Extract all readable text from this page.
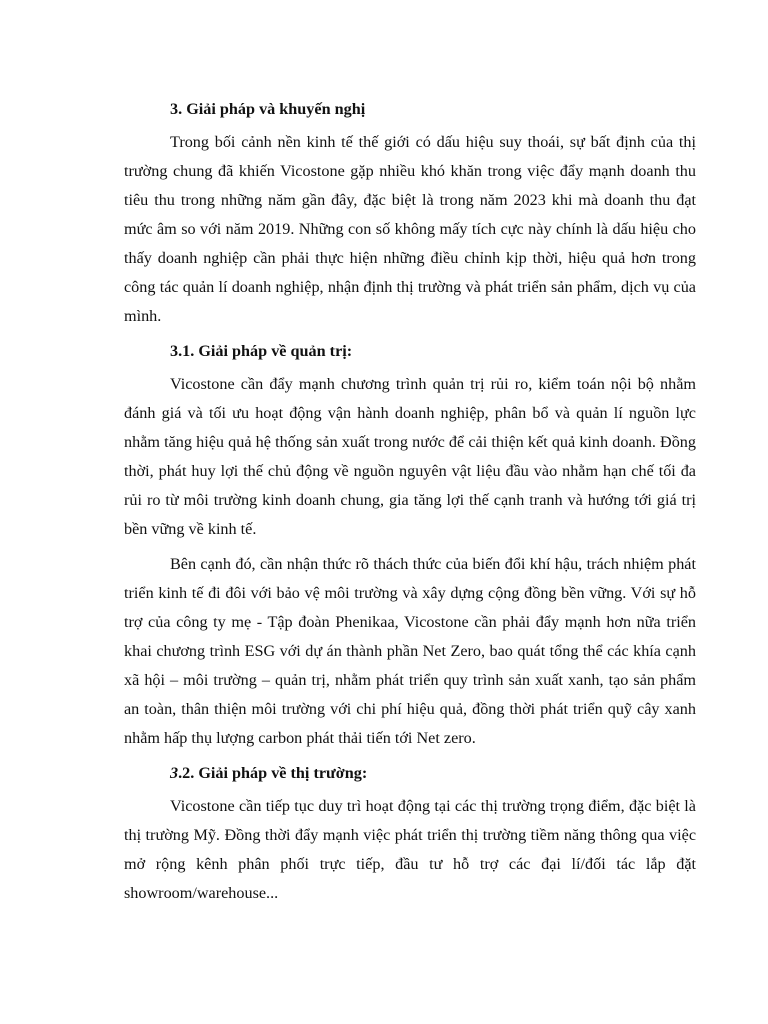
3. Giải pháp và khuyến nghị

Trong bối cảnh nền kinh tế thế giới có dấu hiệu suy thoái, sự bất định của thị trường chung đã khiến Vicostone gặp nhiều khó khăn trong việc đẩy mạnh doanh thu tiêu thu trong những năm gần đây, đặc biệt là trong năm 2023 khi mà doanh thu đạt mức âm so với năm 2019. Những con số không mấy tích cực này chính là dấu hiệu cho thấy doanh nghiệp cần phải thực hiện những điều chỉnh kịp thời, hiệu quả hơn trong công tác quản lí doanh nghiệp, nhận định thị trường và phát triển sản phẩm, dịch vụ của mình.

3.1. Giải pháp về quản trị:

Vicostone cần đẩy mạnh chương trình quản trị rủi ro, kiểm toán nội bộ nhằm đánh giá và tối ưu hoạt động vận hành doanh nghiệp, phân bổ và quản lí nguồn lực nhằm tăng hiệu quả hệ thống sản xuất trong nước để cải thiện kết quả kinh doanh. Đồng thời, phát huy lợi thế chủ động về nguồn nguyên vật liệu đầu vào nhằm hạn chế tối đa rủi ro từ môi trường kinh doanh chung, gia tăng lợi thế cạnh tranh và hướng tới giá trị bền vững về kinh tế.

Bên cạnh đó, cần nhận thức rõ thách thức của biến đổi khí hậu, trách nhiệm phát triển kinh tế đi đôi với bảo vệ môi trường và xây dựng cộng đồng bền vững. Với sự hỗ trợ của công ty mẹ - Tập đoàn Phenikaa, Vicostone cần phải đẩy mạnh hơn nữa triển khai chương trình ESG với dự án thành phần Net Zero, bao quát tổng thể các khía cạnh xã hội – môi trường – quản trị, nhằm phát triển quy trình sản xuất xanh, tạo sản phẩm an toàn, thân thiện môi trường với chi phí hiệu quả, đồng thời phát triển quỹ cây xanh nhằm hấp thụ lượng carbon phát thải tiến tới Net zero.

3.2. Giải pháp về thị trường:

Vicostone cần tiếp tục duy trì hoạt động tại các thị trường trọng điểm, đặc biệt là thị trường Mỹ. Đồng thời đẩy mạnh việc phát triển thị trường tiềm năng thông qua việc mở rộng kênh phân phối trực tiếp, đầu tư hỗ trợ các đại lí/đối tác lắp đặt showroom/warehouse...
